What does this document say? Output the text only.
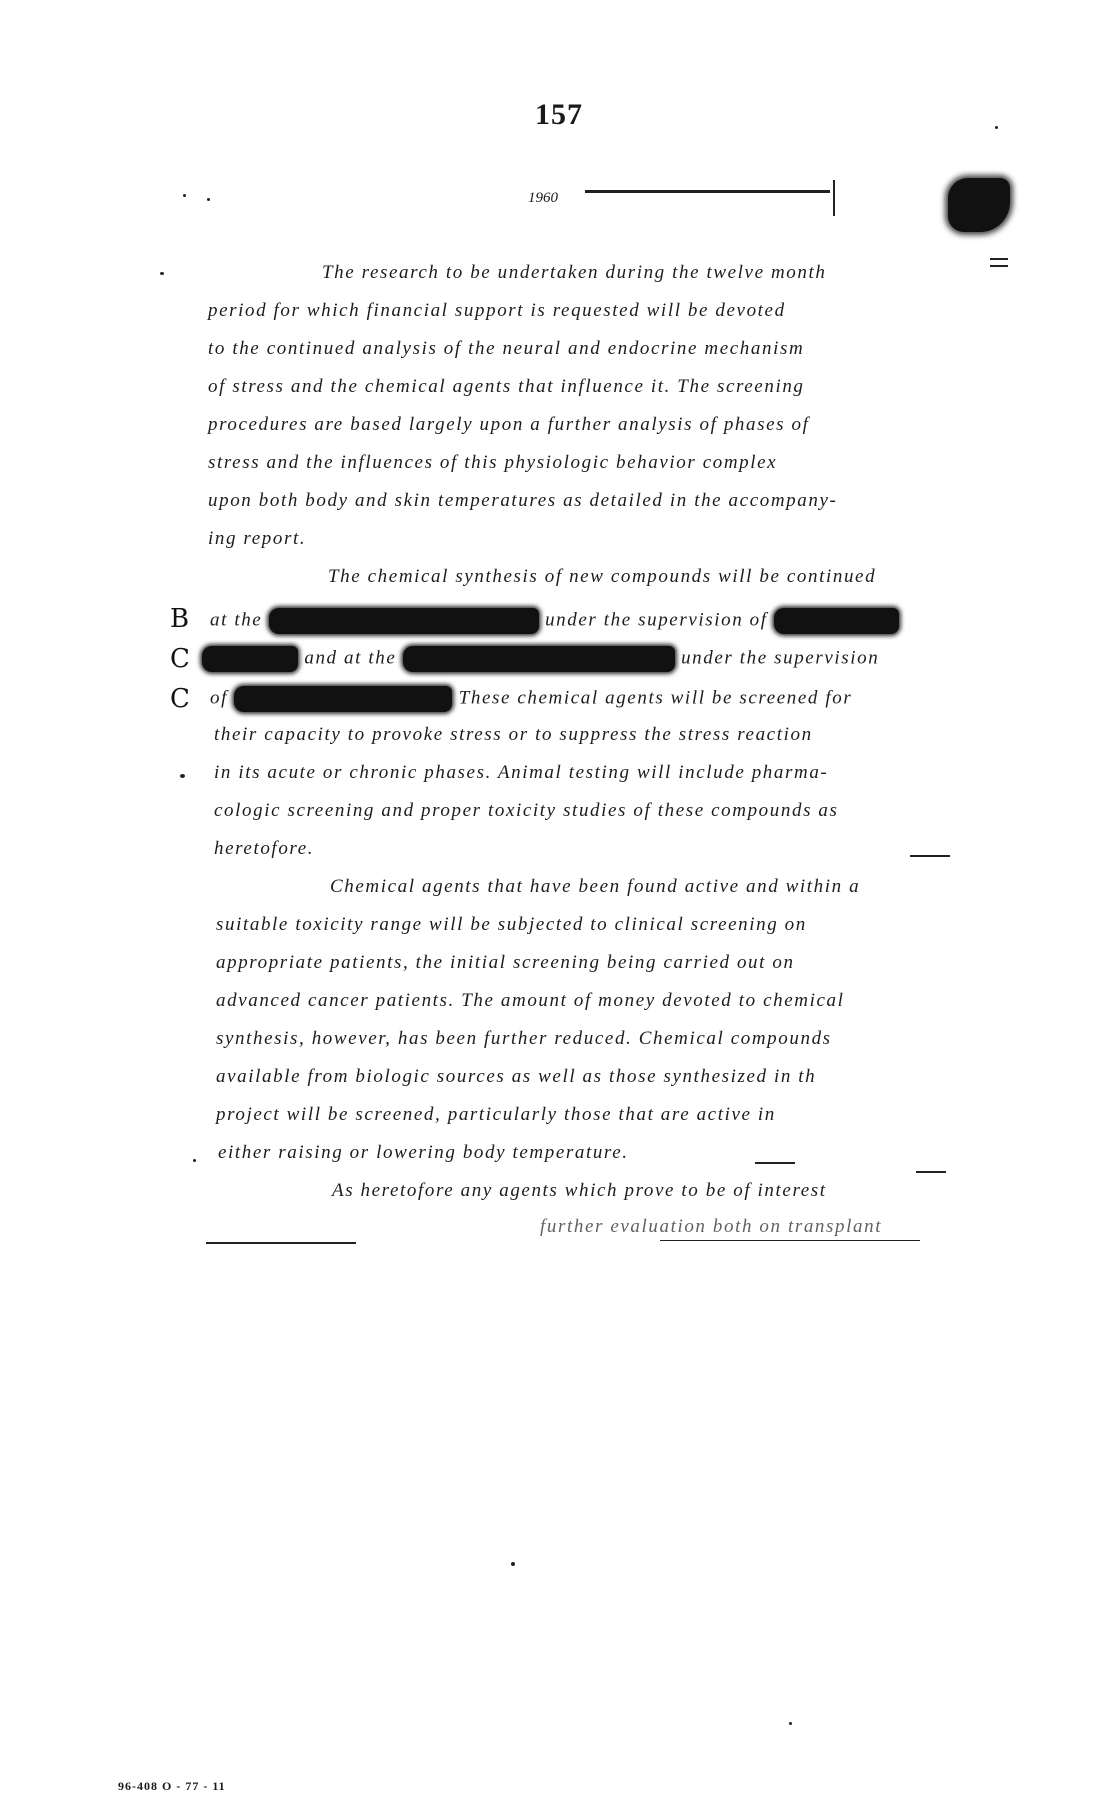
157
1960
The research to be undertaken during the twelve month
period for which financial support is requested will be devoted
to the continued analysis of the neural and endocrine mechanism
of stress and the chemical agents that influence it. The screening
procedures are based largely upon a further analysis of phases of
stress and the influences of this physiologic behavior complex
upon both body and skin temperatures as detailed in the accompany-
ing report.
The chemical synthesis of new compounds will be continued
B at the	under the supervision of
C	and at the	under the supervision
C of	These chemical agents will be screened for
their capacity to provoke stress or to suppress the stress reaction
in its acute or chronic phases. Animal testing will include pharma-
cologic screening and proper toxicity studies of these compounds as
heretofore.
Chemical agents that have been found active and within a
suitable toxicity range will be subjected to clinical screening on
appropriate patients, the initial screening being carried out on
advanced cancer patients. The amount of money devoted to chemical
synthesis, however, has been further reduced. Chemical compounds
available from biologic sources as well as those synthesized in th
project will be screened, particularly those that are active in
either raising or lowering body temperature.
As heretofore any agents which prove to be of interest
further evaluation both on transplant
96-408 O - 77 - 11
